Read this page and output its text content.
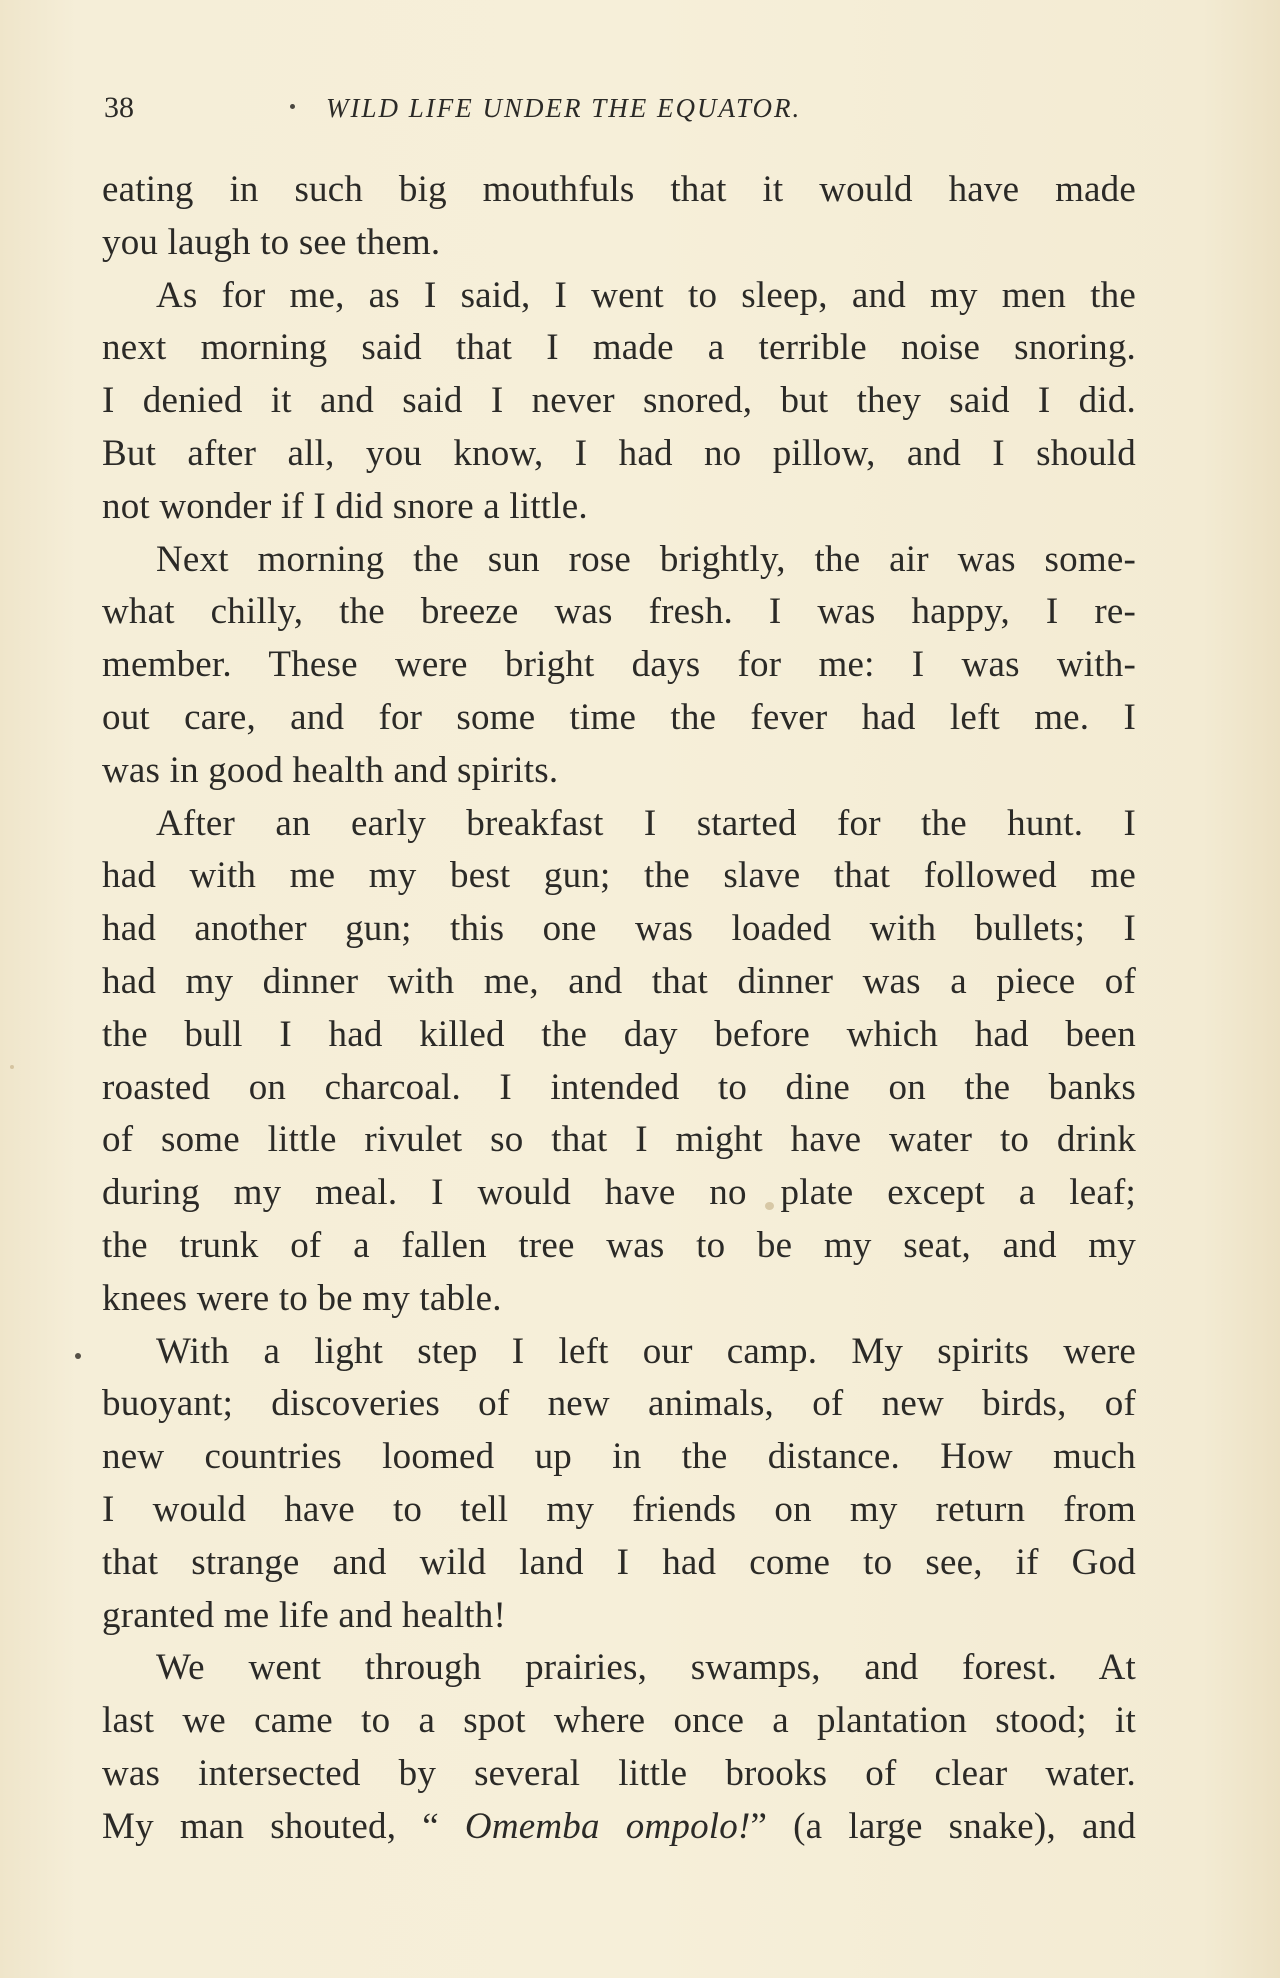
38	WILD LIFE UNDER THE EQUATOR.
eating in such big mouthfuls that it would have made
you laugh to see them.
As for me, as I said, I went to sleep, and my men the
next morning said that I made a terrible noise snoring.
I denied it and said I never snored, but they said I did.
But after all, you know, I had no pillow, and I should
not wonder if I did snore a little.
Next morning the sun rose brightly, the air was some-
what chilly, the breeze was fresh. I was happy, I re-
member. These were bright days for me: I was with-
out care, and for some time the fever had left me. I
was in good health and spirits.
After an early breakfast I started for the hunt. I
had with me my best gun; the slave that followed me
had another gun; this one was loaded with bullets; I
had my dinner with me, and that dinner was a piece of
the bull I had killed the day before which had been
roasted on charcoal. I intended to dine on the banks
of some little rivulet so that I might have water to drink
during my meal. I would have no plate except a leaf;
the trunk of a fallen tree was to be my seat, and my
knees were to be my table.
With a light step I left our camp. My spirits were
buoyant; discoveries of new animals, of new birds, of
new countries loomed up in the distance. How much
I would have to tell my friends on my return from
that strange and wild land I had come to see, if God
granted me life and health!
We went through prairies, swamps, and forest. At
last we came to a spot where once a plantation stood; it
was intersected by several little brooks of clear water.
My man shouted, “ Omemba ompolo!” (a large snake), and
